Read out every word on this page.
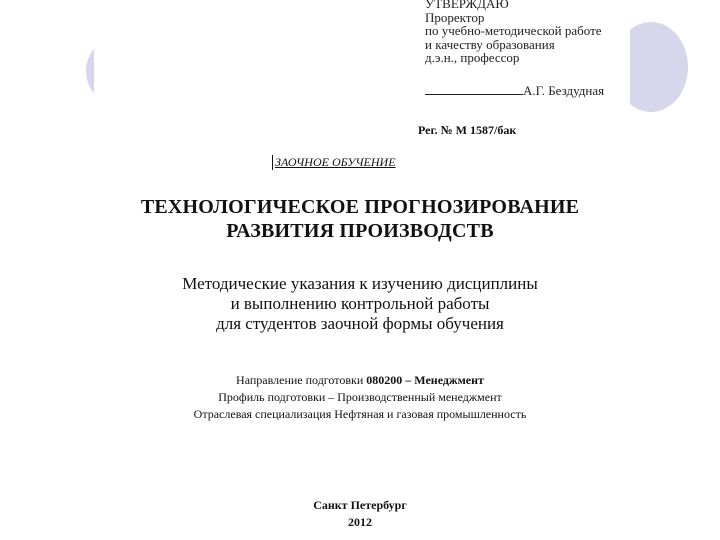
УТВЕРЖДАЮ
Проректор
по учебно-методической работе
и качеству образования
д.э.н., профессор
А.Г. Бездудная
Рег. № М 1587/бак
ЗАОЧНОЕ ОБУЧЕНИЕ
ТЕХНОЛОГИЧЕСКОЕ ПРОГНОЗИРОВАНИЕ
РАЗВИТИЯ ПРОИЗВОДСТВ
Методические указания к изучению дисциплины
и выполнению контрольной работы
для студентов заочной формы обучения
Направление подготовки 080200 – Менеджмент
Профиль подготовки – Производственный менеджмент
Отраслевая специализация Нефтяная и газовая промышленность
Санкт Петербург
2012
